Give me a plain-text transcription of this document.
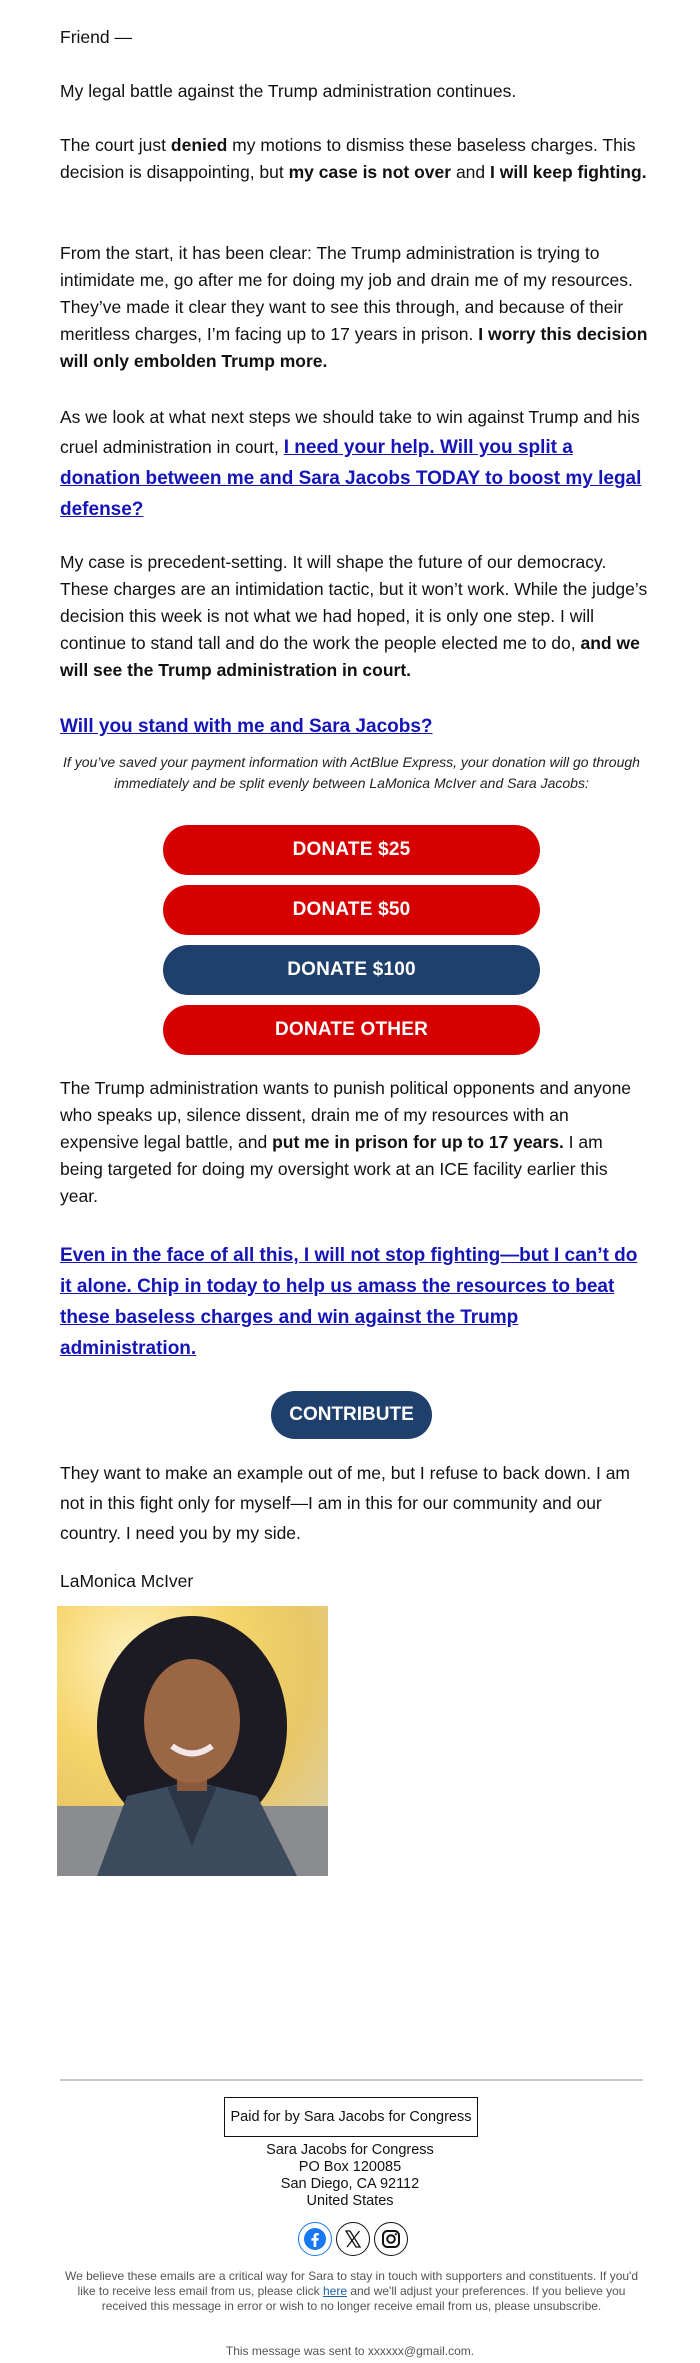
Friend —

My legal battle against the Trump administration continues.

The court just denied my motions to dismiss these baseless charges. This decision is disappointing, but my case is not over and I will keep fighting.

From the start, it has been clear: The Trump administration is trying to intimidate me, go after me for doing my job and drain me of my resources. They’ve made it clear they want to see this through, and because of their meritless charges, I’m facing up to 17 years in prison. I worry this decision will only embolden Trump more.

As we look at what next steps we should take to win against Trump and his cruel administration in court, I need your help. Will you split a donation between me and Sara Jacobs TODAY to boost my legal defense?

My case is precedent-setting. It will shape the future of our democracy. These charges are an intimidation tactic, but it won’t work. While the judge’s decision this week is not what we had hoped, it is only one step. I will continue to stand tall and do the work the people elected me to do, and we will see the Trump administration in court.

Will you stand with me and Sara Jacobs?

If you’ve saved your payment information with ActBlue Express, your donation will go through immediately and be split evenly between LaMonica McIver and Sara Jacobs:
DONATE $25
DONATE $50
DONATE $100
DONATE OTHER

The Trump administration wants to punish political opponents and anyone who speaks up, silence dissent, drain me of my resources with an expensive legal battle, and put me in prison for up to 17 years. I am being targeted for doing my oversight work at an ICE facility earlier this year.

Even in the face of all this, I will not stop fighting—but I can’t do it alone. Chip in today to help us amass the resources to beat these baseless charges and win against the Trump administration.

CONTRIBUTE

They want to make an example out of me, but I refuse to back down. I am not in this fight only for myself—I am in this for our community and our country. I need you by my side.

LaMonica McIver

Paid for by Sara Jacobs for Congress
Sara Jacobs for Congress
PO Box 120085
San Diego, CA 92112
United States
We believe these emails are a critical way for Sara to stay in touch with supporters and constituents. If you'd like to receive less email from us, please click here and we'll adjust your preferences. If you believe you received this message in error or wish to no longer receive email from us, please unsubscribe.
This message was sent to xxxxxx@gmail.com.
